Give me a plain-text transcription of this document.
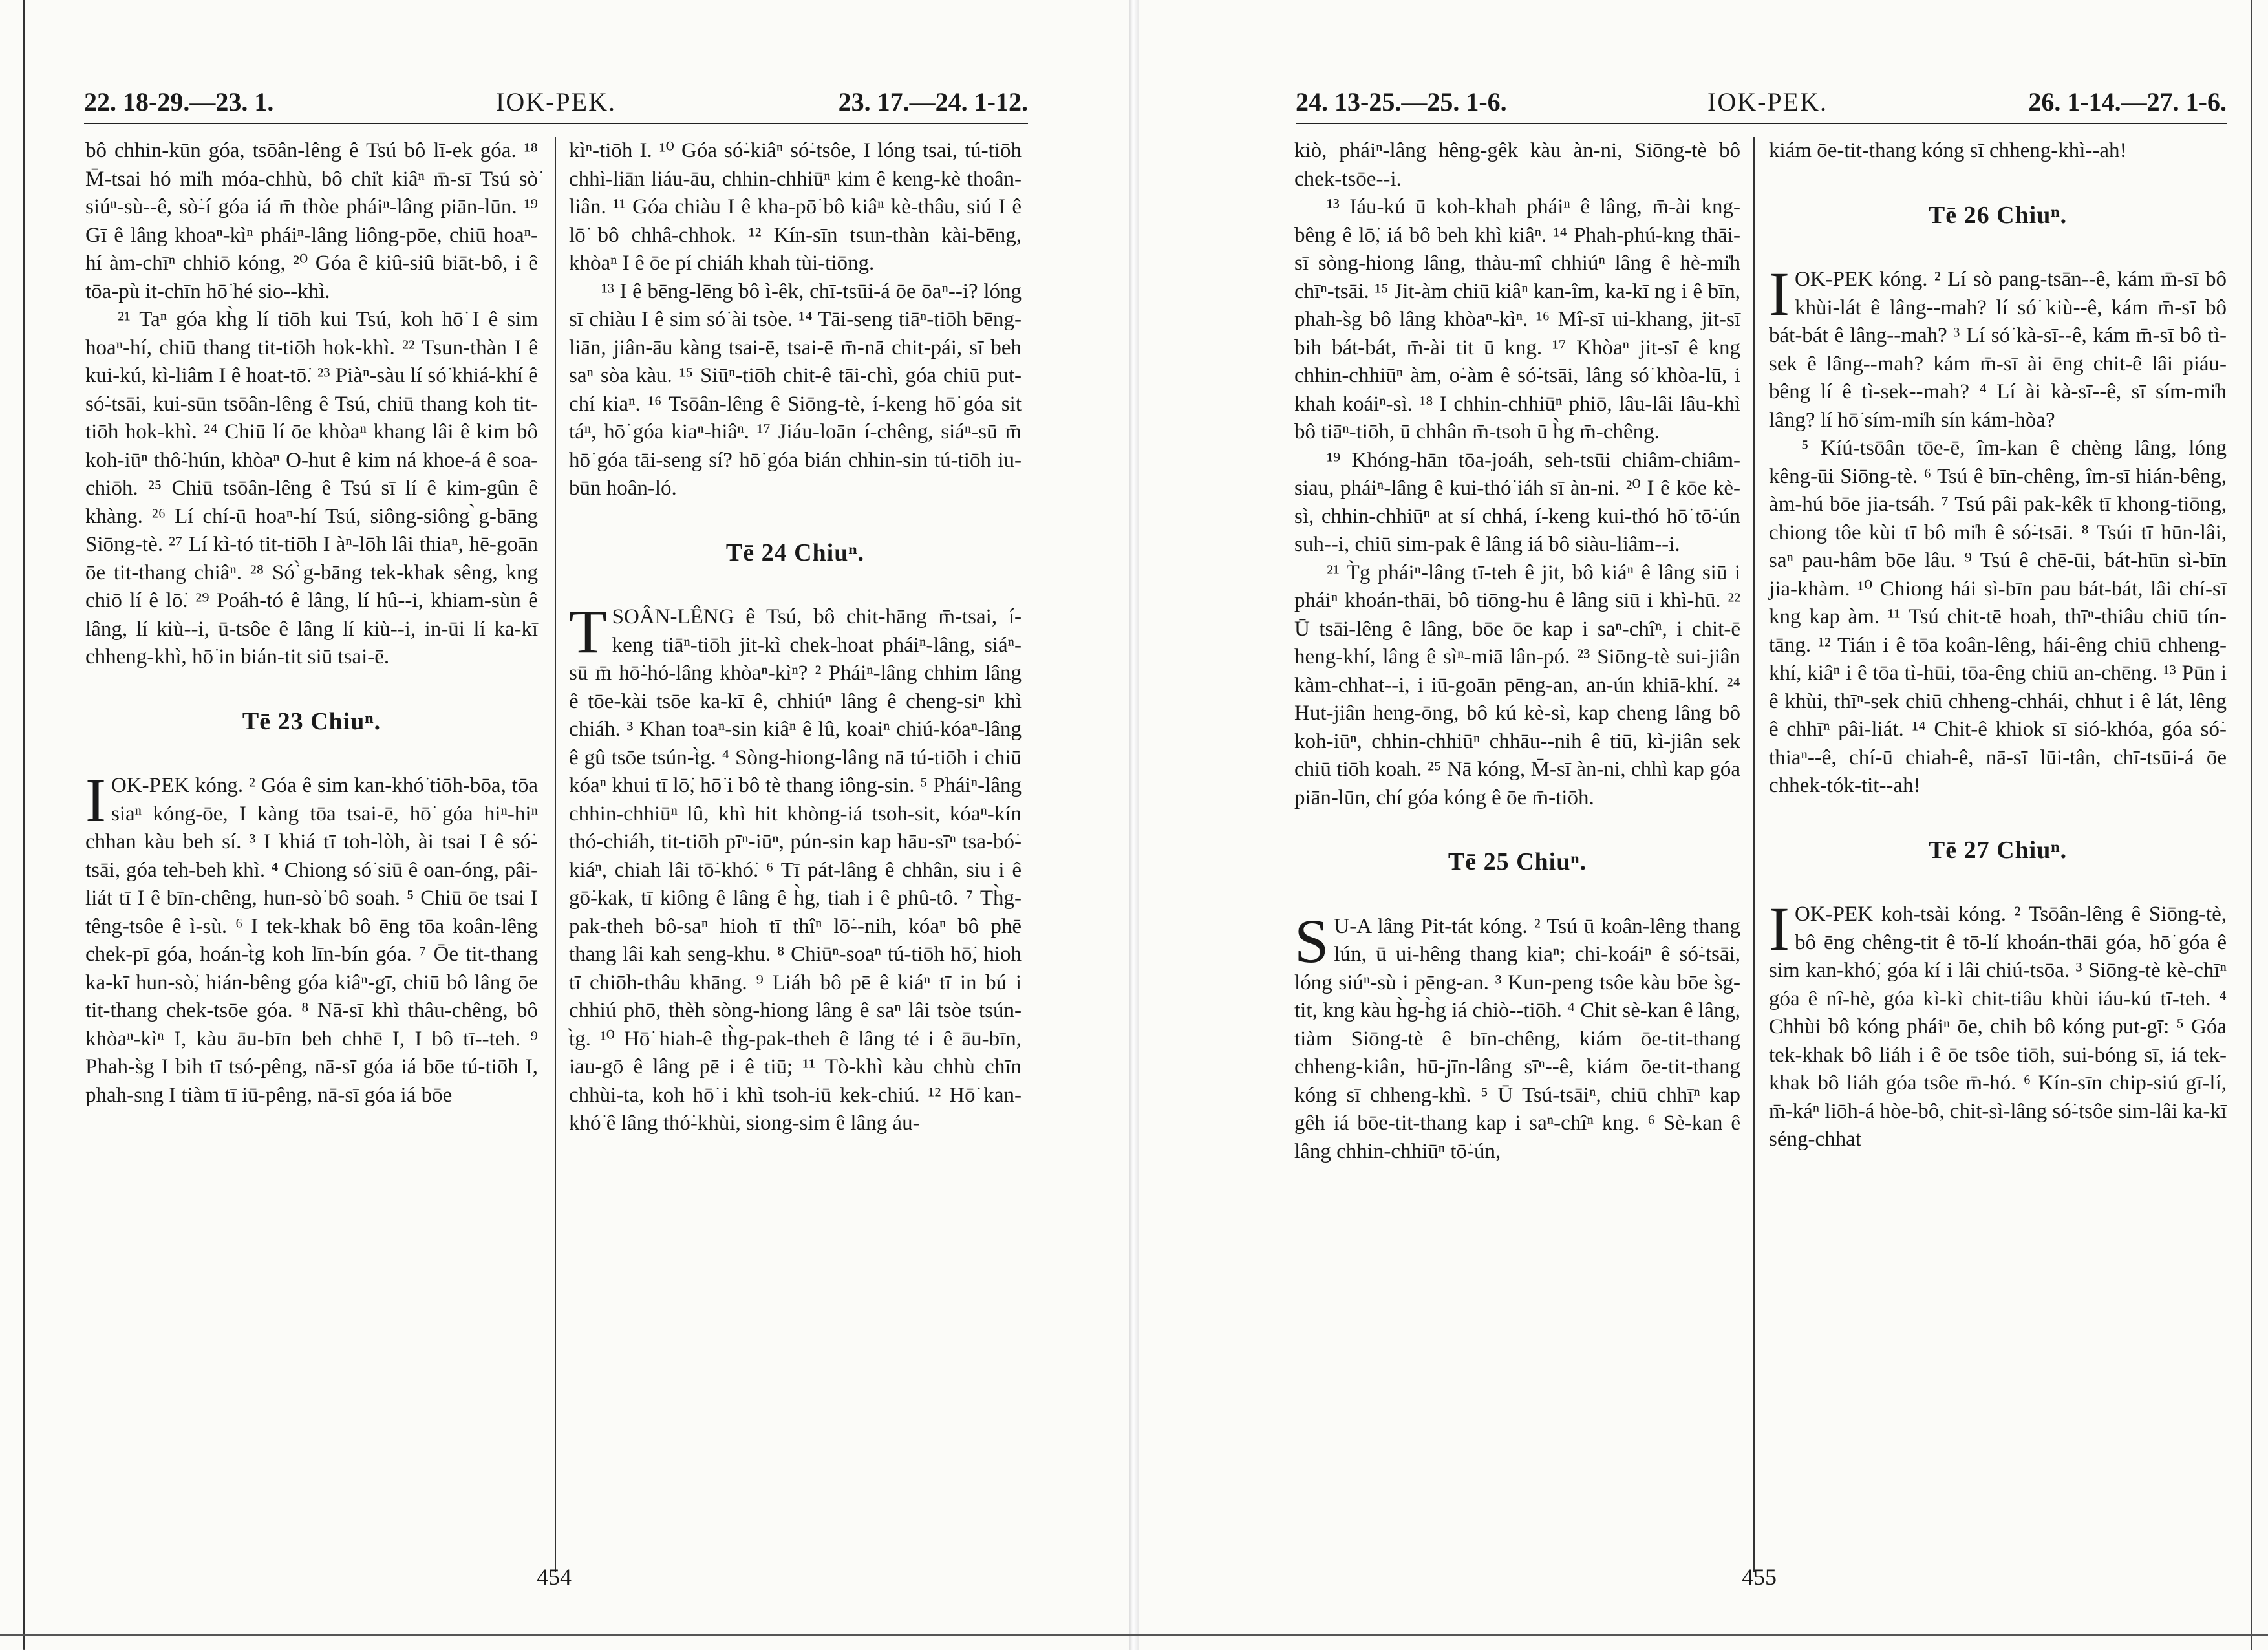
22. 18-29.—23. 1.	IOK-PEK.	23. 17.—24. 1-12.

bô chhin-kūn góa, tsōân-lêng ê Tsú bô lī-ek góa. ¹⁸ M̄-tsai hó mi̍h móa-chhù, bô chi̍t kiâⁿ m̄-sī Tsú sò͘ siúⁿ-sù--ê, sò͘-í góa iá m̄ thòe pháiⁿ-lâng piān-lūn. ¹⁹ Gī ê lâng khoaⁿ-kìⁿ pháiⁿ-lâng liông-pōe, chiū hoaⁿ-hí àm-chīⁿ chhiō kóng, ²⁰ Góa ê kiû-siû biāt-bô, i ê tōa-pù it-chīn hō͘ hé sio--khì.

²¹ Taⁿ góa kh̀g lí tiōh kui Tsú, koh hō͘ I ê sim hoaⁿ-hí, chiū thang tit-tiōh hok-khì. ²² Tsun-thàn I ê kui-kú, kì-liâm I ê hoat-tō͘. ²³ Piàⁿ-sàu lí só͘ khiá-khí ê só͘-tsāi, kui-sūn tsōân-lêng ê Tsú, chiū thang koh tit-tiōh hok-khì. ²⁴ Chiū lí ōe khòaⁿ khang lâi ê kim bô koh-iūⁿ thô͘-hún, khòaⁿ O-hut ê kim ná khoe-á ê soa-chiōh. ²⁵ Chiū tsōân-lêng ê Tsú sī lí ê kim-gûn ê khàng. ²⁶ Lí chí-ū hoaⁿ-hí Tsú, siông-siông ̀g-bāng Siōng-tè. ²⁷ Lí kì-tó tit-tiōh I àⁿ-lōh lâi thiaⁿ, hē-goān ōe tit-thang chiâⁿ. ²⁸ Só͘ ̀g-bāng tek-khak sêng, kng chiō lí ê lō͘. ²⁹ Poáh-tó ê lâng, lí hû--i, khiam-sùn ê lâng, lí kiù--i, ū-tsôe ê lâng lí kiù--i, in-ūi lí ka-kī chheng-khì, hō͘ in bián-tit siū tsai-ē.

Tē 23 Chiuⁿ.

IOK-PEK kóng. ² Góa ê sim kan-khó͘ tiōh-bōa, tōa siaⁿ kóng-ōe, I kàng tōa tsai-ē, hō͘ góa hiⁿ-hiⁿ chhan kàu beh sí. ³ I khiá tī toh-lòh, ài tsai I ê só͘-tsāi, góa teh-beh khì. ⁴ Chiong só͘ siū ê oan-óng, pâi-liát tī I ê bīn-chêng, hun-sò͘ bô soah. ⁵ Chiū ōe tsai I têng-tsôe ê ì-sù. ⁶ I tek-khak bô ēng tōa koân-lêng chek-pī góa, hoán-t̀g koh līn-bín góa. ⁷ Ōe tit-thang ka-kī hun-sò͘, hián-bêng góa kiâⁿ-gī, chiū bô lâng ōe tit-thang chek-tsōe góa. ⁸ Nā-sī khì thâu-chêng, bô khòaⁿ-kìⁿ I, kàu āu-bīn beh chhē I, I bô tī--teh. ⁹ Phah-s̀g I bih tī tsó-pêng, nā-sī góa iá bōe tú-tiōh I, phah-sng I tiàm tī iū-pêng, nā-sī góa iá bōe

kìⁿ-tiōh I. ¹⁰ Góa só͘-kiâⁿ só͘-tsôe, I lóng tsai, tú-tiōh chhì-liān liáu-āu, chhin-chhiūⁿ kim ê keng-kè thoân-liân. ¹¹ Góa chiàu I ê kha-pō͘ bô kiâⁿ kè-thâu, siú I ê lō͘ bô chhâ-chhok. ¹² Kín-sīn tsun-thàn kài-bēng, khòaⁿ I ê ōe pí chiáh khah tùi-tiōng.

¹³ I ê bēng-lēng bô ì-êk, chī-tsūi-á ōe ōaⁿ--i? lóng sī chiàu I ê sim só͘ ài tsòe. ¹⁴ Tāi-seng tiāⁿ-tiōh bēng-liān, jiân-āu kàng tsai-ē, tsai-ē m̄-nā chit-pái, sī beh saⁿ sòa kàu. ¹⁵ Siūⁿ-tiōh chit-ê tāi-chì, góa chiū put-chí kiaⁿ. ¹⁶ Tsōân-lêng ê Siōng-tè, í-keng hō͘ góa sit táⁿ, hō͘ góa kiaⁿ-hiâⁿ. ¹⁷ Jiáu-loān í-chêng, siáⁿ-sū m̄ hō͘ góa tāi-seng sí? hō͘ góa bián chhin-sin tú-tiōh iu-būn hoân-ló.

Tē 24 Chiuⁿ.

TSOÂN-LÊNG ê Tsú, bô chit-hāng m̄-tsai, í-keng tiāⁿ-tiōh jit-kì chek-hoat pháiⁿ-lâng, siáⁿ-sū m̄ hō͘-hó-lâng khòaⁿ-kìⁿ? ² Pháiⁿ-lâng chhim lâng ê tōe-kài tsōe ka-kī ê, chhiúⁿ lâng ê cheng-siⁿ khì chiáh. ³ Khan toaⁿ-sin kiâⁿ ê lû, koaiⁿ chiú-kóaⁿ-lâng ê gû tsōe tsún-t̀g. ⁴ Sòng-hiong-lâng nā tú-tiōh i chiū kóaⁿ khui tī lō͘, hō͘ i bô tè thang iông-sin. ⁵ Pháiⁿ-lâng chhin-chhiūⁿ lû, khì hit khòng-iá tsoh-sit, kóaⁿ-kín thó-chiáh, tit-tiōh pīⁿ-iūⁿ, pún-sin kap hāu-sīⁿ tsa-bó͘-kiáⁿ, chiah lâi tō͘-khó͘. ⁶ Tī pát-lâng ê chhân, siu i ê gō͘-kak, tī kiông ê lâng ê h̀g, tiah i ê phû-tô. ⁷ Th̀g-pak-theh bô-saⁿ hioh tī thîⁿ lō͘--nih, kóaⁿ bô phē thang lâi kah seng-khu. ⁸ Chiūⁿ-soaⁿ tú-tiōh hō͘, hioh tī chiōh-thâu khāng. ⁹ Liáh bô pē ê kiáⁿ tī in bú i chhiú phō, thèh sòng-hiong lâng ê saⁿ lâi tsòe tsún-t̀g. ¹⁰ Hō͘ hiah-ê th̀g-pak-theh ê lâng té i ê āu-bīn, iau-gō ê lâng pē i ê tiū; ¹¹ Tò-khì kàu chhù chīn chhùi-ta, koh hō͘ i khì tsoh-iū kek-chiú. ¹² Hō͘ kan-khó͘ ê lâng thó͘-khùi, siong-sim ê lâng áu-

454
24. 13-25.—25. 1-6.	IOK-PEK.	26. 1-14.—27. 1-6.

kiò, pháiⁿ-lâng hêng-gêk kàu àn-ni, Siōng-tè bô chek-tsōe--i.

¹³ Iáu-kú ū koh-khah pháiⁿ ê lâng, m̄-ài kng-bêng ê lō͘, iá bô beh khì kiâⁿ. ¹⁴ Phah-phú-kng thāi-sī sòng-hiong lâng, thàu-mî chhiúⁿ lâng ê hè-mi̍h chīⁿ-tsāi. ¹⁵ Jit-àm chiū kiâⁿ kan-îm, ka-kī ng i ê bīn, phah-s̀g bô lâng khòaⁿ-kìⁿ. ¹⁶ Mî-sī ui-khang, jit-sī bih bát-bát, m̄-ài tit ū kng. ¹⁷ Khòaⁿ jit-sī ê kng chhin-chhiūⁿ àm, o͘-àm ê só͘-tsāi, lâng só͘ khòa-lū, i khah koáiⁿ-sì. ¹⁸ I chhin-chhiūⁿ phiō, lâu-lâi lâu-khì bô tiāⁿ-tiōh, ū chhân m̄-tsoh ū h̀g m̄-chêng.

¹⁹ Khóng-hān tōa-joáh, seh-tsūi chiâm-chiâm-siau, pháiⁿ-lâng ê kui-thó͘ iáh sī àn-ni. ²⁰ I ê kōe kè-sì, chhin-chhiūⁿ at sí chhá, í-keng kui-thó hō͘ tō͘-ún suh--i, chiū sim-pak ê lâng iá bô siàu-liâm--i.

²¹ T̀g pháiⁿ-lâng tī-teh ê jit, bô kiáⁿ ê lâng siū i pháiⁿ khoán-thāi, bô tiōng-hu ê lâng siū i khì-hū. ²² Ū tsāi-lêng ê lâng, bōe ōe kap i saⁿ-chîⁿ, i chit-ē heng-khí, lâng ê sìⁿ-miā lân-pó. ²³ Siōng-tè sui-jiân kàm-chhat--i, i iū-goān pēng-an, an-ún khiā-khí. ²⁴ Hut-jiân heng-ōng, bô kú kè-sì, kap cheng lâng bô koh-iūⁿ, chhin-chhiūⁿ chhāu--nih ê tiū, kì-jiân sek chiū tiōh koah. ²⁵ Nā kóng, M̄-sī àn-ni, chhì kap góa piān-lūn, chí góa kóng ê ōe m̄-tiōh.

Tē 25 Chiuⁿ.

SU-A lâng Pit-tát kóng. ² Tsú ū koân-lêng thang lún, ū ui-hêng thang kiaⁿ; chi-koáiⁿ ê só͘-tsāi, lóng siúⁿ-sù i pēng-an. ³ Kun-peng tsôe kàu bōe s̀g-tit, kng kàu h̀g-h̀g iá chiò--tiōh. ⁴ Chit sè-kan ê lâng, tiàm Siōng-tè ê bīn-chêng, kiám ōe-tit-thang chheng-kiân, hū-jīn-lâng sīⁿ--ê, kiám ōe-tit-thang kóng sī chheng-khì. ⁵ Ū Tsú-tsāiⁿ, chiū chhīⁿ kap gêh iá bōe-tit-thang kap i saⁿ-chîⁿ kng. ⁶ Sè-kan ê lâng chhin-chhiūⁿ tō͘-ún,

kiám ōe-tit-thang kóng sī chheng-khì--ah!

Tē 26 Chiuⁿ.

IOK-PEK kóng. ² Lí sò pang-tsān--ê, kám m̄-sī bô khùi-lát ê lâng--mah? lí só͘ kiù--ê, kám m̄-sī bô bát-bát ê lâng--mah? ³ Lí só͘ kà-sī--ê, kám m̄-sī bô tì-sek ê lâng--mah? kám m̄-sī ài ēng chit-ê lâi piáu-bêng lí ê tì-sek--mah? ⁴ Lí ài kà-sī--ê, sī sím-mi̍h lâng? lí hō͘ sím-mi̍h sín kám-hòa?

⁵ Kíú-tsōân tōe-ē, îm-kan ê chèng lâng, lóng kêng-ūi Siōng-tè. ⁶ Tsú ê bīn-chêng, îm-sī hián-bêng, àm-hú bōe jia-tsáh. ⁷ Tsú pâi pak-kêk tī khong-tiōng, chiong tôe kùi tī bô mi̍h ê só͘-tsāi. ⁸ Tsúi tī hūn-lâi, saⁿ pau-hâm bōe lâu. ⁹ Tsú ê chē-ūi, bát-hūn sì-bīn jia-khàm. ¹⁰ Chiong hái sì-bīn pau bát-bát, lâi chí-sī kng kap àm. ¹¹ Tsú chit-tē hoah, thīⁿ-thiâu chiū tín-tāng. ¹² Tián i ê tōa koân-lêng, hái-êng chiū chheng-khí, kiâⁿ i ê tōa tì-hūi, tōa-êng chiū an-chēng. ¹³ Pūn i ê khùi, thīⁿ-sek chiū chheng-chhái, chhut i ê lát, lêng ê chhīⁿ pâi-liát. ¹⁴ Chit-ê khiok sī sió-khóa, góa só͘-thiaⁿ--ê, chí-ū chiah-ê, nā-sī lūi-tân, chī-tsūi-á ōe chhek-tók-tit--ah!

Tē 27 Chiuⁿ.

IOK-PEK koh-tsài kóng. ² Tsōân-lêng ê Siōng-tè, bô ēng chêng-tit ê tō-lí khoán-thāi góa, hō͘ góa ê sim kan-khó͘, góa kí i lâi chiú-tsōa. ³ Siōng-tè kè-chīⁿ góa ê nî-hè, góa kì-kì chit-tiâu khùi iáu-kú tī-teh. ⁴ Chhùi bô kóng pháiⁿ ōe, chih bô kóng put-gī: ⁵ Góa tek-khak bô liáh i ê ōe tsôe tiōh, sui-bóng sī, iá tek-khak bô liáh góa tsôe m̄-hó. ⁶ Kín-sīn chip-siú gī-lí, m̄-káⁿ liōh-á hòe-bô, chit-sì-lâng só͘-tsôe sim-lâi ka-kī séng-chhat

455
